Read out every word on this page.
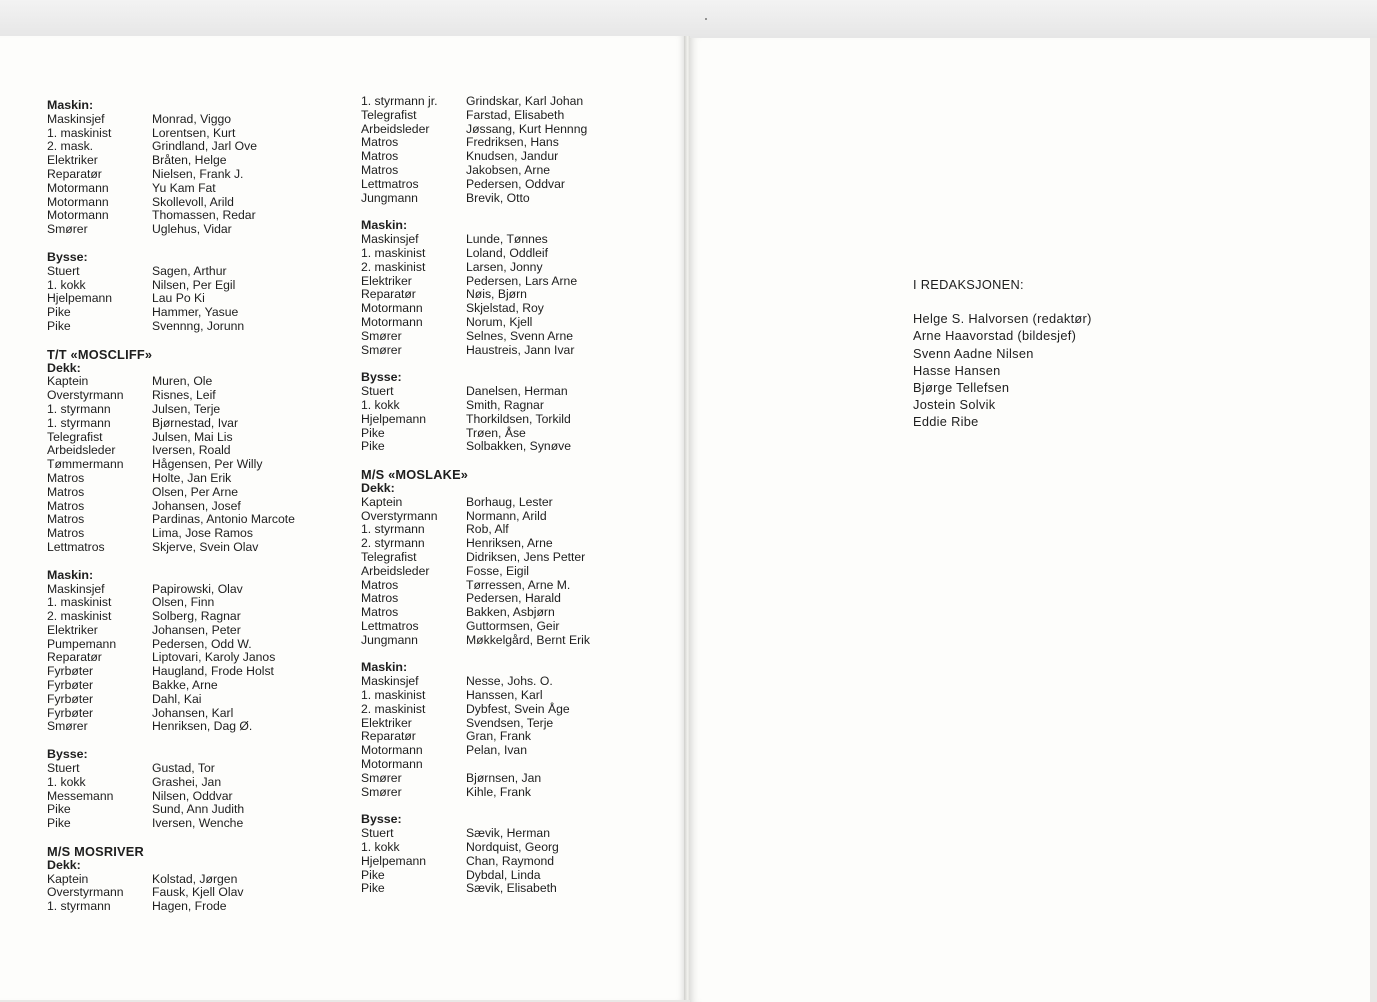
Maskin:
Maskinsjef	Monrad, Viggo
1. maskinist	Lorentsen, Kurt
2. mask.	Grindland, Jarl Ove
Elektriker	Bråten, Helge
Reparatør	Nielsen, Frank J.
Motormann	Yu Kam Fat
Motormann	Skollevoll, Arild
Motormann	Thomassen, Redar
Smører	Uglehus, Vidar
Bysse:
Stuert	Sagen, Arthur
1. kokk	Nilsen, Per Egil
Hjelpemann	Lau Po Ki
Pike	Hammer, Yasue
Pike	Svennng, Jorunn
T/T «MOSCLIFF»
Dekk:
Kaptein	Muren, Ole
Overstyrmann	Risnes, Leif
1. styrmann	Julsen, Terje
1. styrmann	Bjørnestad, Ivar
Telegrafist	Julsen, Mai Lis
Arbeidsleder	Iversen, Roald
Tømmermann	Hågensen, Per Willy
Matros	Holte, Jan Erik
Matros	Olsen, Per Arne
Matros	Johansen, Josef
Matros	Pardinas, Antonio Marcote
Matros	Lima, Jose Ramos
Lettmatros	Skjerve, Svein Olav
Maskin:
Maskinsjef	Papirowski, Olav
1. maskinist	Olsen, Finn
2. maskinist	Solberg, Ragnar
Elektriker	Johansen, Peter
Pumpemann	Pedersen, Odd W.
Reparatør	Liptovari, Karoly Janos
Fyrbøter	Haugland, Frode Holst
Fyrbøter	Bakke, Arne
Fyrbøter	Dahl, Kai
Fyrbøter	Johansen, Karl
Smører	Henriksen, Dag Ø.
Bysse:
Stuert	Gustad, Tor
1. kokk	Grashei, Jan
Messemann	Nilsen, Oddvar
Pike	Sund, Ann Judith
Pike	Iversen, Wenche
M/S MOSRIVER
Dekk:
Kaptein	Kolstad, Jørgen
Overstyrmann	Fausk, Kjell Olav
1. styrmann	Hagen, Frode
1. styrmann jr.	Grindskar, Karl Johan
Telegrafist	Farstad, Elisabeth
Arbeidsleder	Jøssang, Kurt Hennng
Matros	Fredriksen, Hans
Matros	Knudsen, Jandur
Matros	Jakobsen, Arne
Lettmatros	Pedersen, Oddvar
Jungmann	Brevik, Otto
Maskin:
Maskinsjef	Lunde, Tønnes
1. maskinist	Loland, Oddleif
2. maskinist	Larsen, Jonny
Elektriker	Pedersen, Lars Arne
Reparatør	Nøis, Bjørn
Motormann	Skjelstad, Roy
Motormann	Norum, Kjell
Smører	Selnes, Svenn Arne
Smører	Haustreis, Jann Ivar
Bysse:
Stuert	Danelsen, Herman
1. kokk	Smith, Ragnar
Hjelpemann	Thorkildsen, Torkild
Pike	Trøen, Åse
Pike	Solbakken, Synøve
M/S «MOSLAKE»
Dekk:
Kaptein	Borhaug, Lester
Overstyrmann	Normann, Arild
1. styrmann	Rob, Alf
2. styrmann	Henriksen, Arne
Telegrafist	Didriksen, Jens Petter
Arbeidsleder	Fosse, Eigil
Matros	Tørressen, Arne M.
Matros	Pedersen, Harald
Matros	Bakken, Asbjørn
Lettmatros	Guttormsen, Geir
Jungmann	Møkkelgård, Bernt Erik
Maskin:
Maskinsjef	Nesse, Johs. O.
1. maskinist	Hanssen, Karl
2. maskinist	Dybfest, Svein Åge
Elektriker	Svendsen, Terje
Reparatør	Gran, Frank
Motormann	Pelan, Ivan
Motormann
Smører	Bjørnsen, Jan
Smører	Kihle, Frank
Bysse:
Stuert	Sævik, Herman
1. kokk	Nordquist, Georg
Hjelpemann	Chan, Raymond
Pike	Dybdal, Linda
Pike	Sævik, Elisabeth
I REDAKSJONEN:
Helge S. Halvorsen (redaktør)
Arne Haavorstad (bildesjef)
Svenn Aadne Nilsen
Hasse Hansen
Bjørge Tellefsen
Jostein Solvik
Eddie Ribe
